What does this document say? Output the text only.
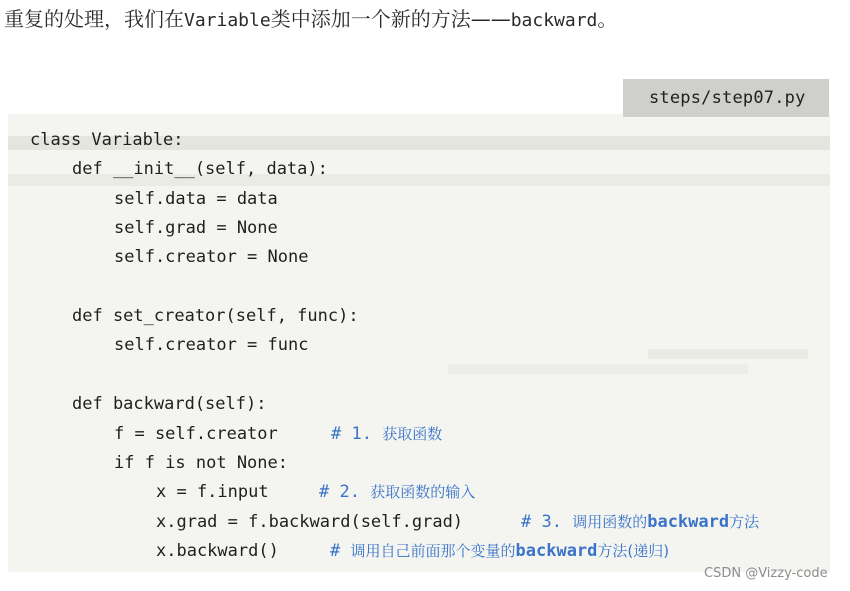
重复的处理，我们在Variable类中添加一个新的方法——backward。
steps/step07.py
class Variable:
def __init__(self, data):
self.data = data
self.grad = None
self.creator = None
def set_creator(self, func):
self.creator = func
def backward(self):
f = self.creator	# 1. 获取函数
if f is not None:
x = f.input	# 2. 获取函数的输入
x.grad = f.backward(self.grad)	# 3. 调用函数的backward方法
x.backward()	# 调用自己前面那个变量的backward方法(递归)
CSDN @Vizzy-code
